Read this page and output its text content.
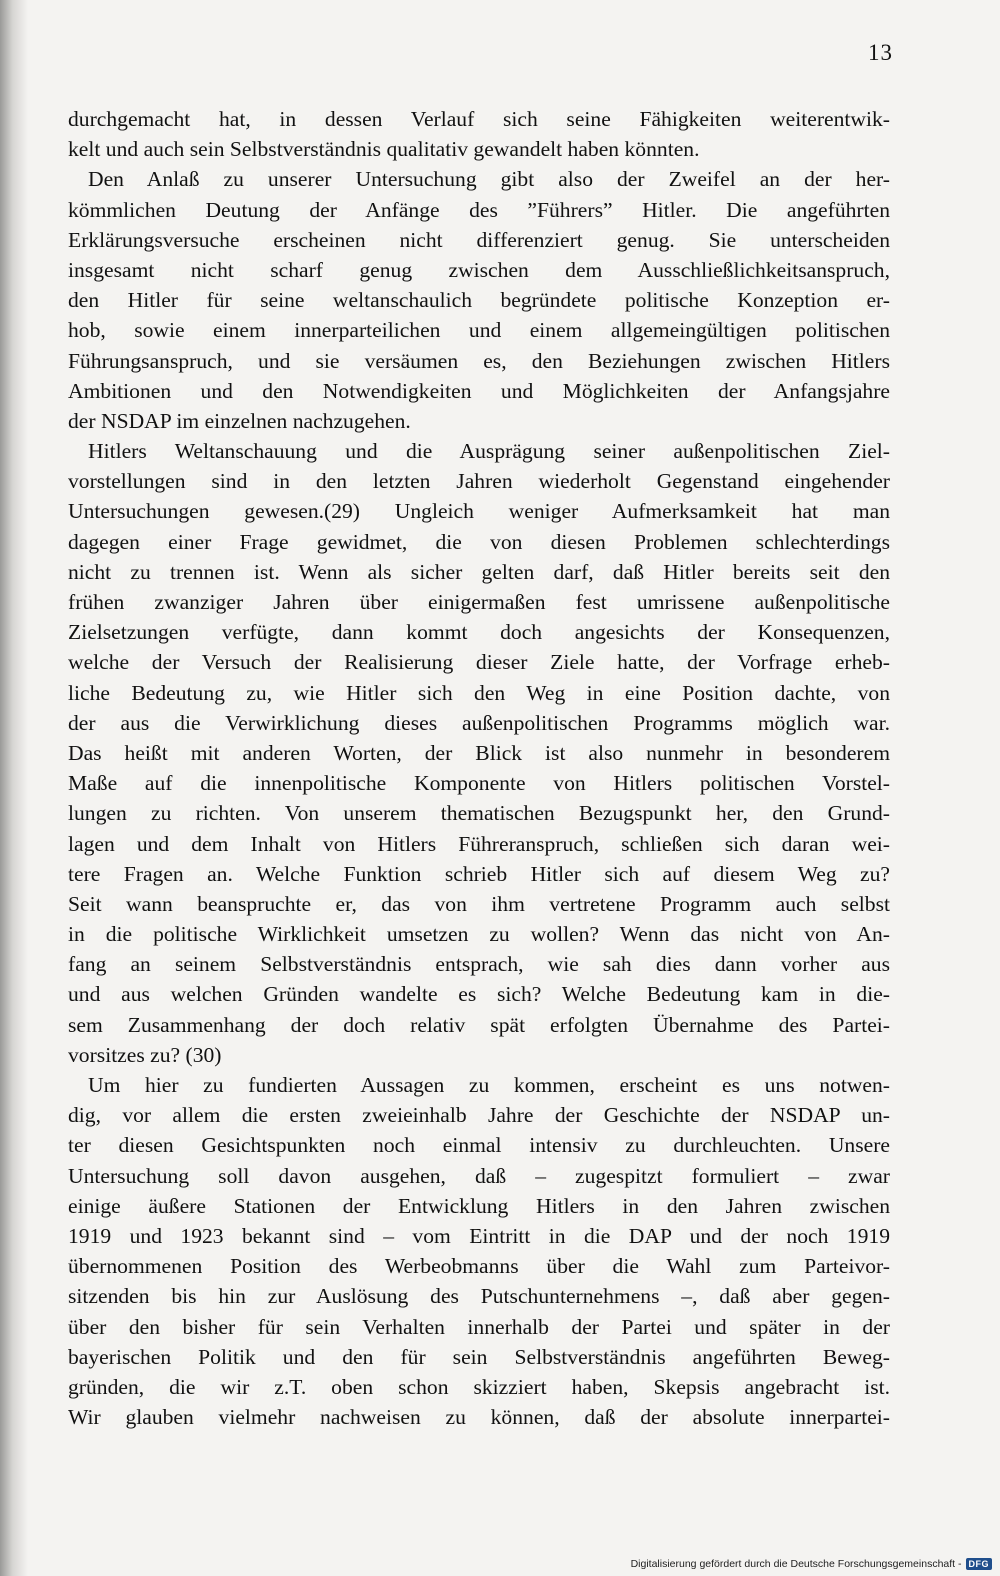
13
durchgemacht hat, in dessen Verlauf sich seine Fähigkeiten weiterentwik-
kelt und auch sein Selbstverständnis qualitativ gewandelt haben könnten.
Den Anlaß zu unserer Untersuchung gibt also der Zweifel an der her-
kömmlichen Deutung der Anfänge des ”Führers” Hitler. Die angeführten
Erklärungsversuche erscheinen nicht differenziert genug. Sie unterscheiden
insgesamt nicht scharf genug zwischen dem Ausschließlichkeitsanspruch,
den Hitler für seine weltanschaulich begründete politische Konzeption er-
hob, sowie einem innerparteilichen und einem allgemeingültigen politischen
Führungsanspruch, und sie versäumen es, den Beziehungen zwischen Hitlers
Ambitionen und den Notwendigkeiten und Möglichkeiten der Anfangsjahre
der NSDAP im einzelnen nachzugehen.
Hitlers Weltanschauung und die Ausprägung seiner außenpolitischen Ziel-
vorstellungen sind in den letzten Jahren wiederholt Gegenstand eingehender
Untersuchungen gewesen.(29) Ungleich weniger Aufmerksamkeit hat man
dagegen einer Frage gewidmet, die von diesen Problemen schlechterdings
nicht zu trennen ist. Wenn als sicher gelten darf, daß Hitler bereits seit den
frühen zwanziger Jahren über einigermaßen fest umrissene außenpolitische
Zielsetzungen verfügte, dann kommt doch angesichts der Konsequenzen,
welche der Versuch der Realisierung dieser Ziele hatte, der Vorfrage erheb-
liche Bedeutung zu, wie Hitler sich den Weg in eine Position dachte, von
der aus die Verwirklichung dieses außenpolitischen Programms möglich war.
Das heißt mit anderen Worten, der Blick ist also nunmehr in besonderem
Maße auf die innenpolitische Komponente von Hitlers politischen Vorstel-
lungen zu richten. Von unserem thematischen Bezugspunkt her, den Grund-
lagen und dem Inhalt von Hitlers Führeranspruch, schließen sich daran wei-
tere Fragen an. Welche Funktion schrieb Hitler sich auf diesem Weg zu?
Seit wann beanspruchte er, das von ihm vertretene Programm auch selbst
in die politische Wirklichkeit umsetzen zu wollen? Wenn das nicht von An-
fang an seinem Selbstverständnis entsprach, wie sah dies dann vorher aus
und aus welchen Gründen wandelte es sich? Welche Bedeutung kam in die-
sem Zusammenhang der doch relativ spät erfolgten Übernahme des Partei-
vorsitzes zu? (30)
Um hier zu fundierten Aussagen zu kommen, erscheint es uns notwen-
dig, vor allem die ersten zweieinhalb Jahre der Geschichte der NSDAP un-
ter diesen Gesichtspunkten noch einmal intensiv zu durchleuchten. Unsere
Untersuchung soll davon ausgehen, daß – zugespitzt formuliert – zwar
einige äußere Stationen der Entwicklung Hitlers in den Jahren zwischen
1919 und 1923 bekannt sind – vom Eintritt in die DAP und der noch 1919
übernommenen Position des Werbeobmanns über die Wahl zum Parteivor-
sitzenden bis hin zur Auslösung des Putschunternehmens –, daß aber gegen-
über den bisher für sein Verhalten innerhalb der Partei und später in der
bayerischen Politik und den für sein Selbstverständnis angeführten Beweg-
gründen, die wir z.T. oben schon skizziert haben, Skepsis angebracht ist.
Wir glauben vielmehr nachweisen zu können, daß der absolute innerpartei-
Digitalisierung gefördert durch die Deutsche Forschungsgemeinschaft - DFG
